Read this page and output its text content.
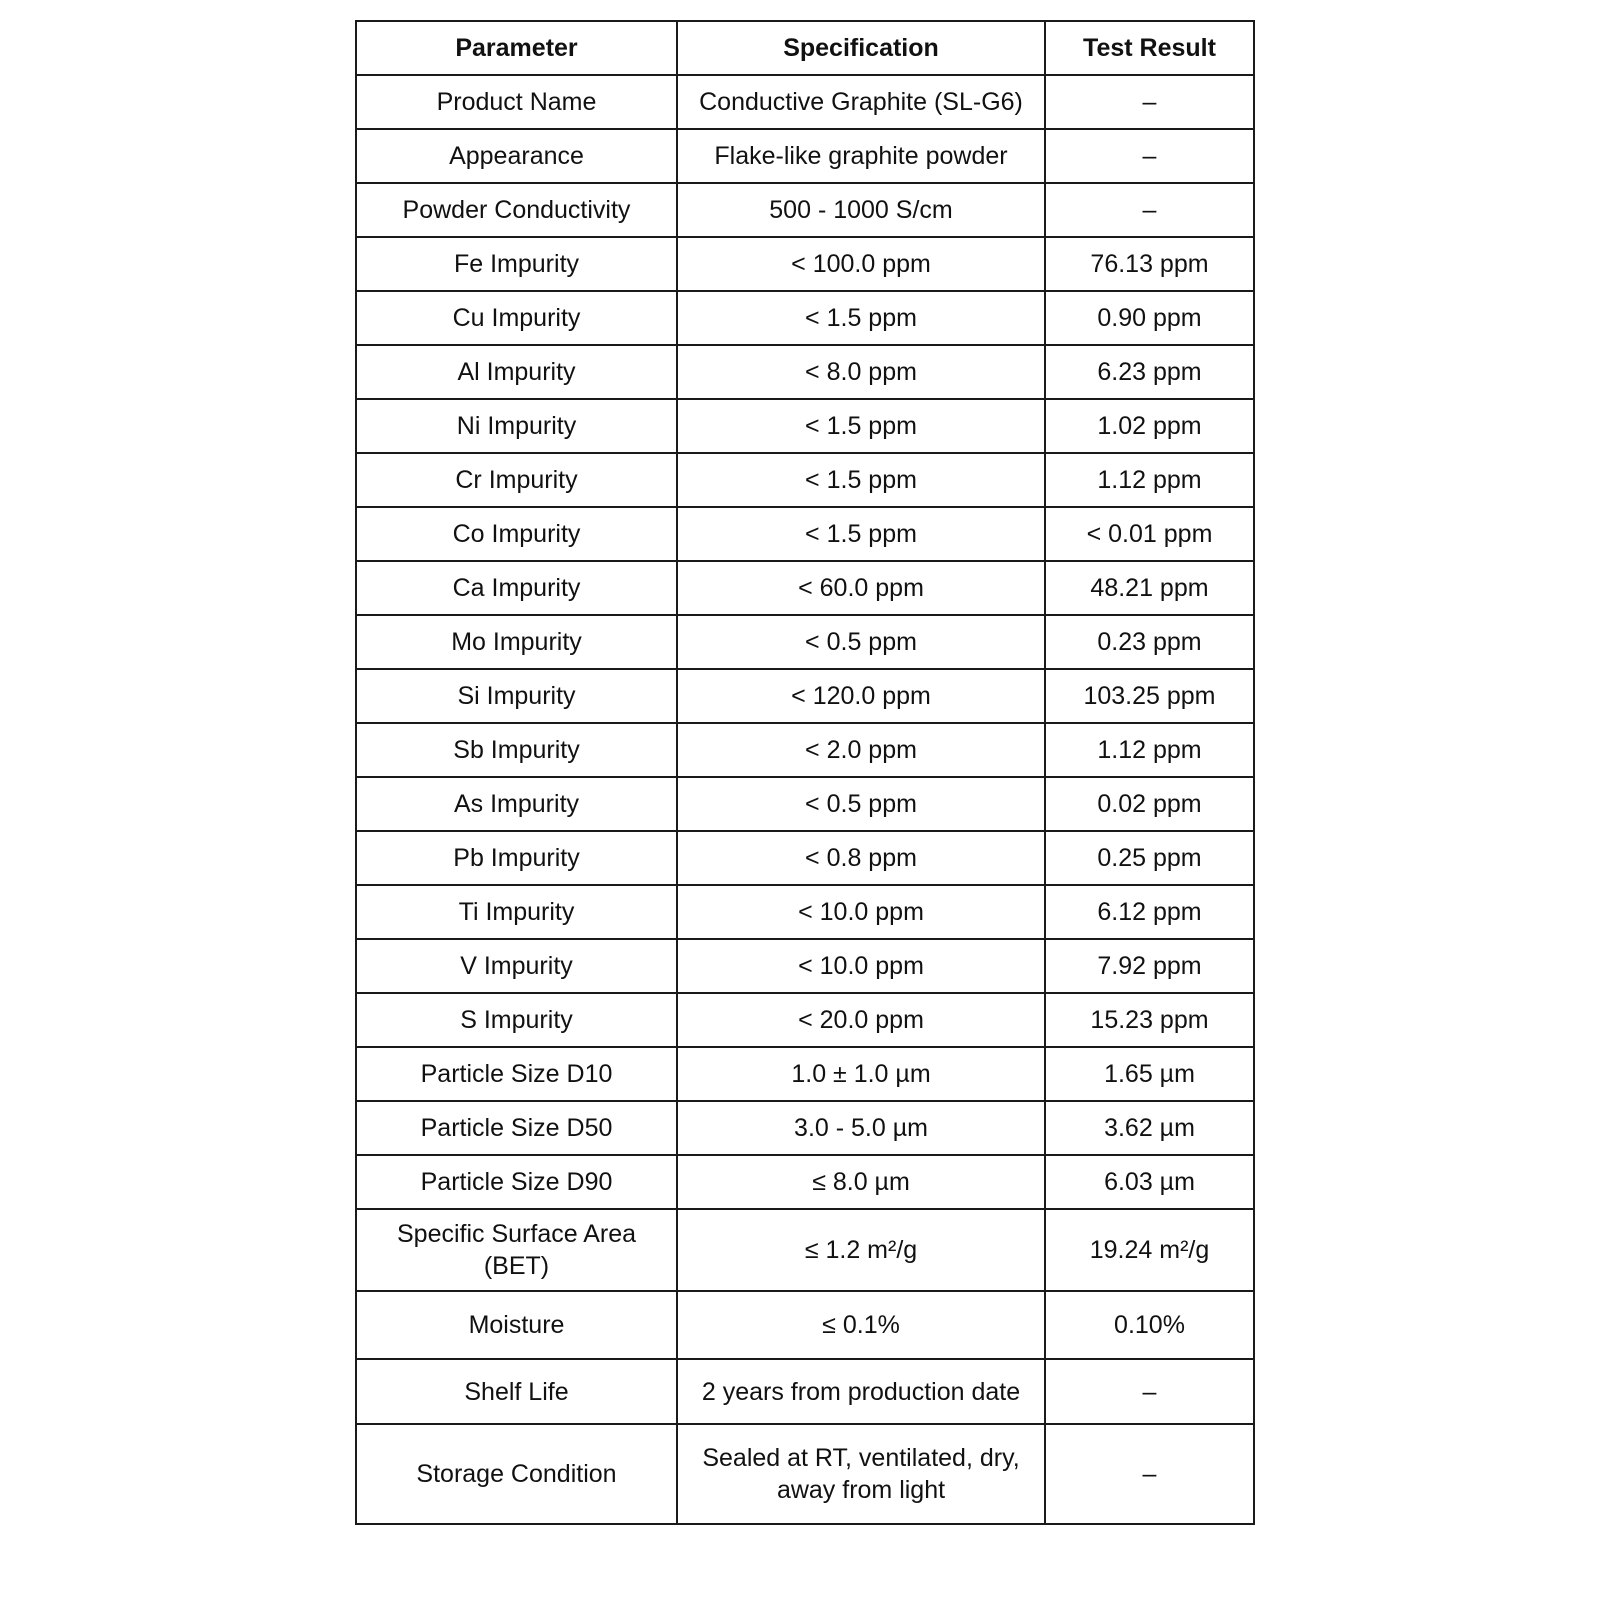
Parameter	Specification	Test Result
Product Name	Conductive Graphite (SL-G6)	–
Appearance	Flake-like graphite powder	–
Powder Conductivity	500 - 1000 S/cm	–
Fe Impurity	< 100.0 ppm	76.13 ppm
Cu Impurity	< 1.5 ppm	0.90 ppm
Al Impurity	< 8.0 ppm	6.23 ppm
Ni Impurity	< 1.5 ppm	1.02 ppm
Cr Impurity	< 1.5 ppm	1.12 ppm
Co Impurity	< 1.5 ppm	< 0.01 ppm
Ca Impurity	< 60.0 ppm	48.21 ppm
Mo Impurity	< 0.5 ppm	0.23 ppm
Si Impurity	< 120.0 ppm	103.25 ppm
Sb Impurity	< 2.0 ppm	1.12 ppm
As Impurity	< 0.5 ppm	0.02 ppm
Pb Impurity	< 0.8 ppm	0.25 ppm
Ti Impurity	< 10.0 ppm	6.12 ppm
V Impurity	< 10.0 ppm	7.92 ppm
S Impurity	< 20.0 ppm	15.23 ppm
Particle Size D10	1.0 ± 1.0 µm	1.65 µm
Particle Size D50	3.0 - 5.0 µm	3.62 µm
Particle Size D90	≤ 8.0 µm	6.03 µm
Specific Surface Area (BET)	≤ 1.2 m²/g	19.24 m²/g
Moisture	≤ 0.1%	0.10%
Shelf Life	2 years from production date	–
Storage Condition	Sealed at RT, ventilated, dry, away from light	–
